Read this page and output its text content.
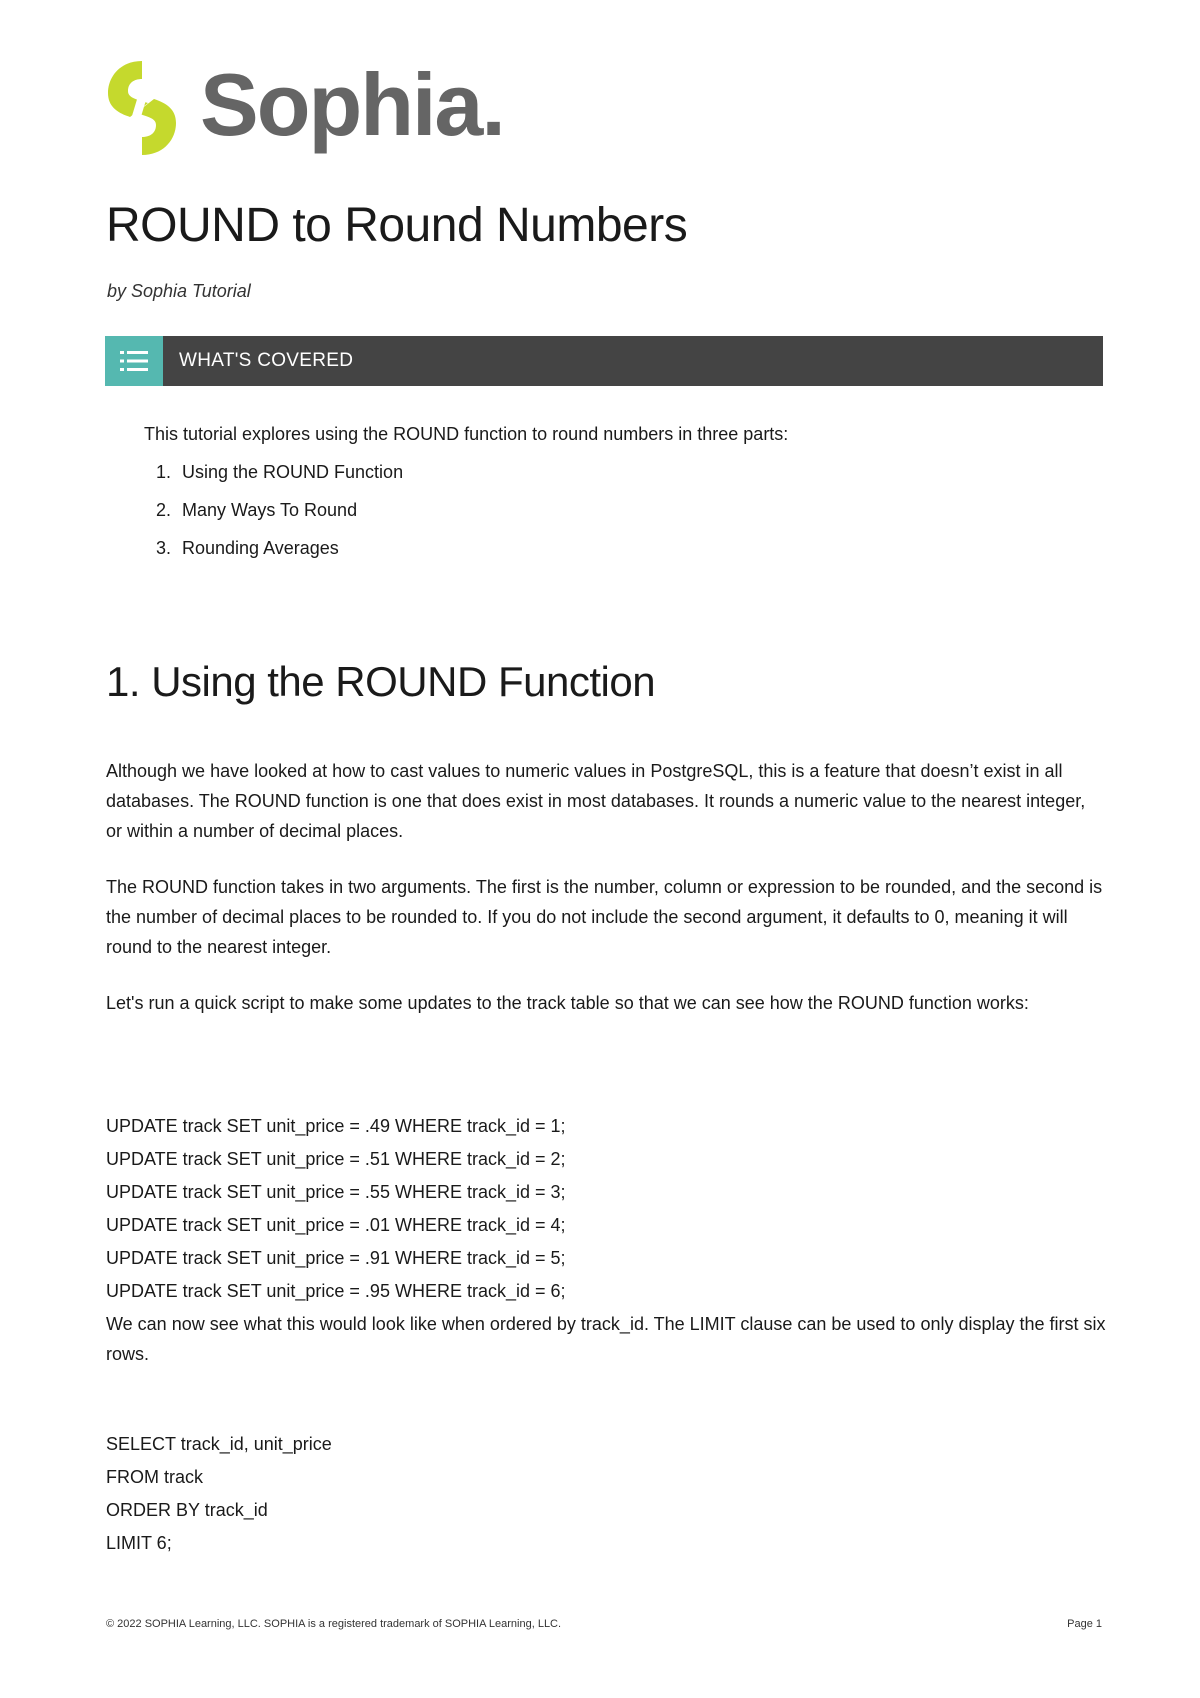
Sophia.
ROUND to Round Numbers
by Sophia Tutorial
WHAT'S COVERED

This tutorial explores using the ROUND function to round numbers in three parts:

1. Using the ROUND Function
2. Many Ways To Round
3. Rounding Averages
1. Using the ROUND Function

Although we have looked at how to cast values to numeric values in PostgreSQL, this is a feature that doesn’t exist in all databases. The ROUND function is one that does exist in most databases. It rounds a numeric value to the nearest integer, or within a number of decimal places.

The ROUND function takes in two arguments. The first is the number, column or expression to be rounded, and the second is the number of decimal places to be rounded to. If you do not include the second argument, it defaults to 0, meaning it will round to the nearest integer.

Let's run a quick script to make some updates to the track table so that we can see how the ROUND function works:

UPDATE track SET unit_price = .49 WHERE track_id = 1;
UPDATE track SET unit_price = .51 WHERE track_id = 2;
UPDATE track SET unit_price = .55 WHERE track_id = 3;
UPDATE track SET unit_price = .01 WHERE track_id = 4;
UPDATE track SET unit_price = .91 WHERE track_id = 5;
UPDATE track SET unit_price = .95 WHERE track_id = 6;

We can now see what this would look like when ordered by track_id. The LIMIT clause can be used to only display the first six rows.

SELECT track_id, unit_price
FROM track
ORDER BY track_id
LIMIT 6;
© 2022 SOPHIA Learning, LLC. SOPHIA is a registered trademark of SOPHIA Learning, LLC.	Page 1
